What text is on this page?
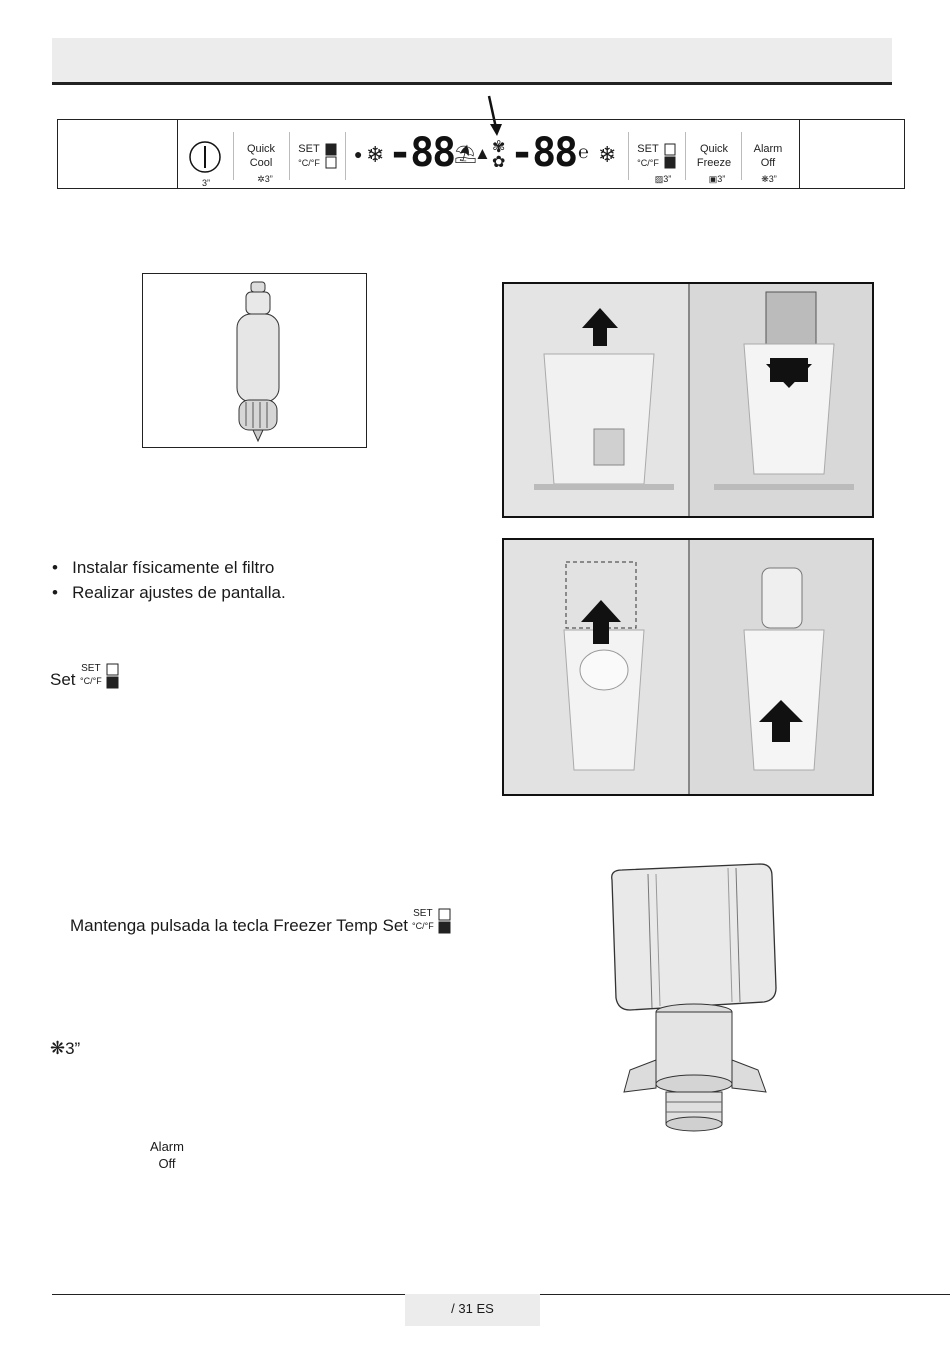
3”
Quick
Cool
✲3”
SET
°C/°F
● ❄ -88 ⛱
▲ ✾
✿ -88 ℮ ❄	SET
°C/°F
▨3”
Quick
Freeze
▣3”
Alarm
Off
❋3”
•   Instalar físicamente el filtro
•   Realizar ajustes de pantalla.
Set
SET
°C/°F
Mantenga pulsada la tecla Freezer Temp Set
SET
°C/°F
❋3”
Alarm
Off
/ 31 ES
